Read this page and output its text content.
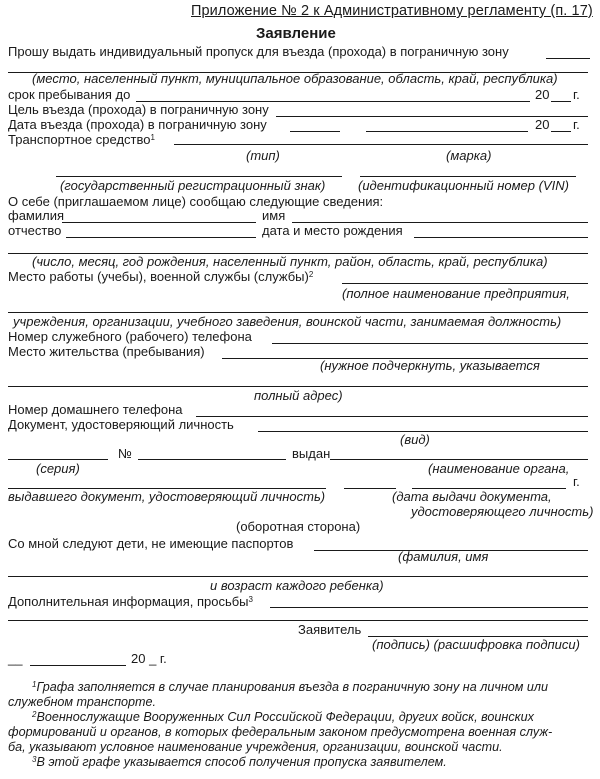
Приложение № 2 к Административному регламенту (п. 17)
Заявление
Прошу выдать индивидуальный пропуск для въезда (прохода) в пограничную зону
(место, населенный пункт, муниципальное образование, область, край, республика)
срок пребывания до	20 г.
Цель въезда (прохода) в пограничную зону
Дата въезда (прохода) в пограничную зону	20 г.
Транспортное средство$^1$
(тип)	(марка)
(государственный регистрационный знак)	(идентификационный номер (VIN)
О себе (приглашаемом лице) сообщаю следующие сведения:
фамилия	имя
отчество	дата и место рождения
(число, месяц, год рождения, населенный пункт, район, область, край, республика)
Место работы (учебы), военной службы (службы)$^2$
(полное наименование предприятия,
учреждения, организации, учебного заведения, воинской части, занимаемая должность)
Номер служебного (рабочего) телефона
Место жительства (пребывания)
(нужное подчеркнуть, указывается
полный адрес)
Номер домашнего телефона
Документ, удостоверяющий личность
(вид)
№	выдан
(серия)	(наименование органа,
г.
выдавшего документ, удостоверяющий личность)	(дата выдачи документа,
удостоверяющего личность)
(оборотная сторона)
Со мной следуют дети, не имеющие паспортов
(фамилия, имя
и возраст каждого ребенка)
Дополнительная информация, просьбы$^3$
Заявитель
(подпись) (расшифровка подписи)
__	20 _ г.
$^1$Графа заполняется в случае планирования въезда в пограничную зону на личном или
служебном транспорте.
$^2$Военнослужащие Вооруженных Сил Российской Федерации, других войск, воинских
формирований и органов, в которых федеральным законом предусмотрена военная служ-
ба, указывают условное наименование учреждения, организации, воинской части.
$^3$В этой графе указывается способ получения пропуска заявителем.
